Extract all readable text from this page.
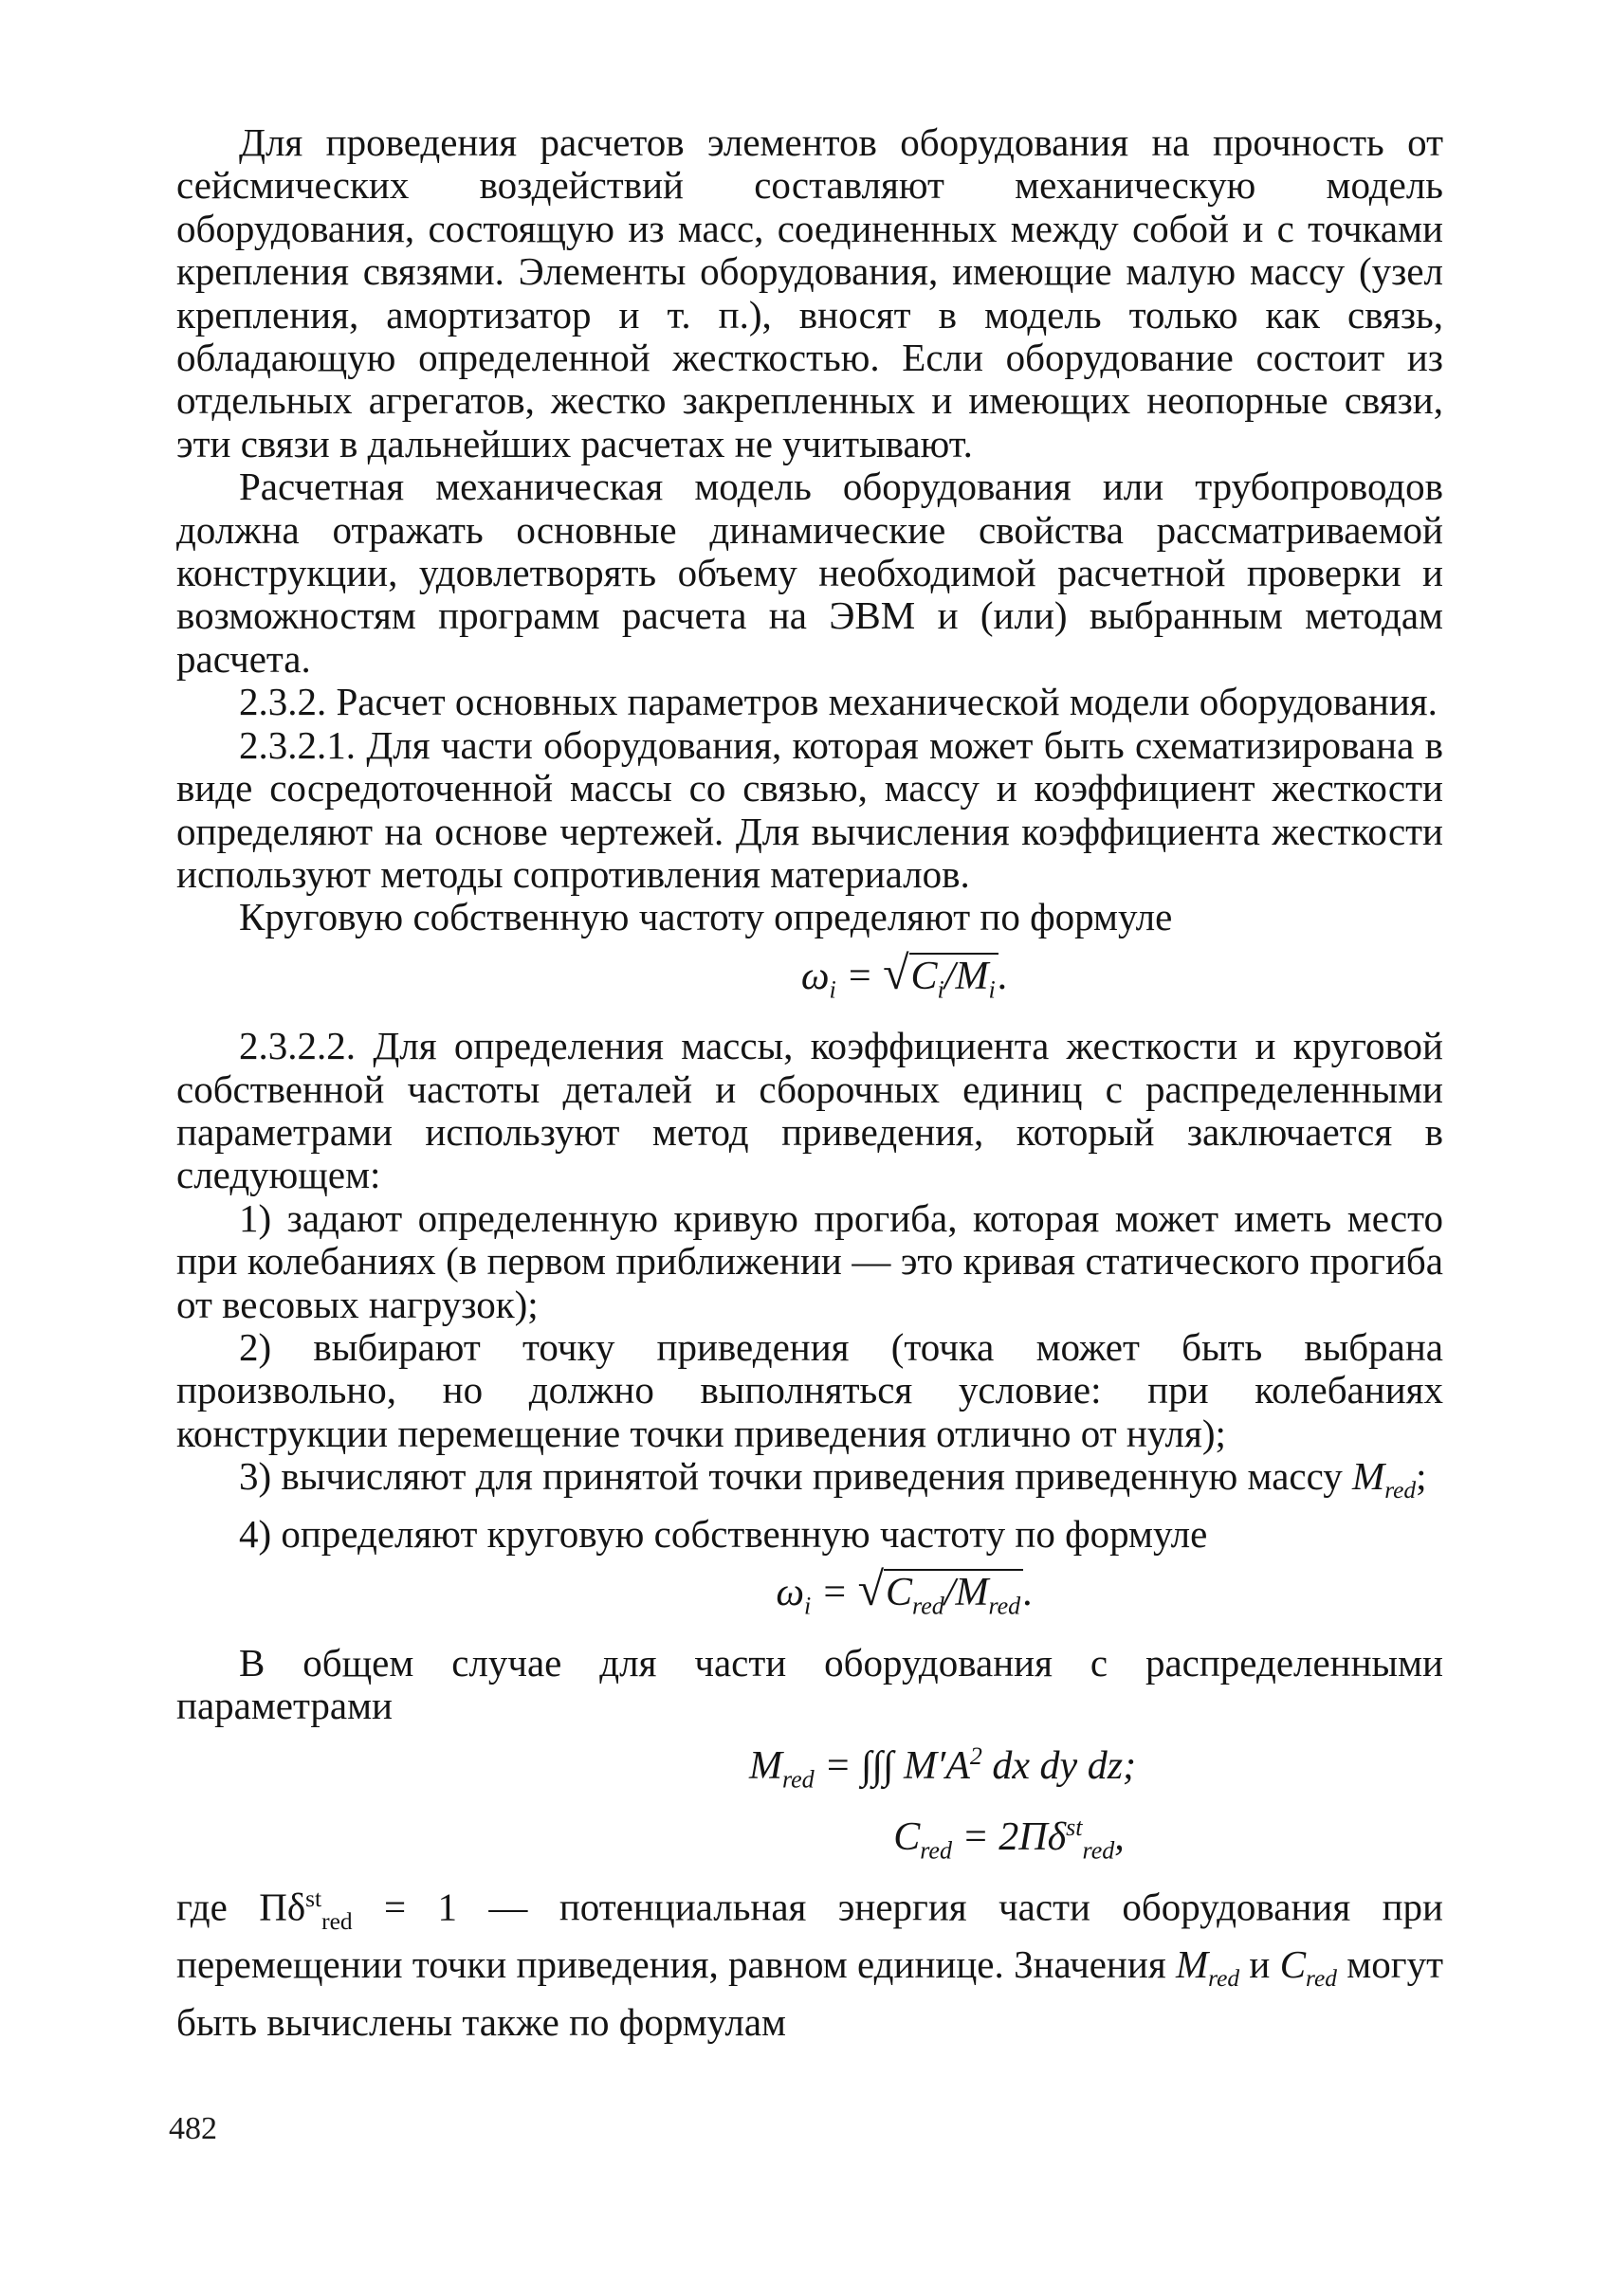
Для проведения расчетов элементов оборудования на прочность от сейсмических воздействий составляют механическую модель оборудования, состоящую из масс, соединенных между собой и с точками крепления связями. Элементы оборудования, имеющие малую массу (узел крепления, амортизатор и т. п.), вносят в модель только как связь, обладающую определенной жесткостью. Если оборудование состоит из отдельных агрегатов, жестко закрепленных и имеющих неопорные связи, эти связи в дальнейших расчетах не учитывают.

Расчетная механическая модель оборудования или трубопроводов должна отражать основные динамические свойства рассматриваемой конструкции, удовлетворять объему необходимой расчетной проверки и возможностям программ расчета на ЭВМ и (или) выбранным методам расчета.

2.3.2. Расчет основных параметров механической модели оборудования.

2.3.2.1. Для части оборудования, которая может быть схематизирована в виде сосредоточенной массы со связью, массу и коэффициент жесткости определяют на основе чертежей. Для вычисления коэффициента жесткости используют методы сопротивления материалов.

Круговую собственную частоту определяют по формуле

$\omega_i = √C_i/M_i$.

2.3.2.2. Для определения массы, коэффициента жесткости и круговой собственной частоты деталей и сборочных единиц с распределенными параметрами используют метод приведения, который заключается в следующем:

1) задают определенную кривую прогиба, которая может иметь место при колебаниях (в первом приближении — это кривая статического прогиба от весовых нагрузок);

2) выбирают точку приведения (точка может быть выбрана произвольно, но должно выполняться условие: при колебаниях конструкции перемещение точки приведения отлично от нуля);

3) вычисляют для принятой точки приведения приведенную массу $M_{red}$;

4) определяют круговую собственную частоту по формуле

$\omega_i = √C_{red}/M_{red}$.

В общем случае для части оборудования с распределенными параметрами

$M_{red}$ = ∫∫∫ $M'A^2$ dx dy dz;
$C_{red} = 2\Pi\delta^{st}_{red}$,

где $\Pi\delta^{st}_{red} = 1$ — потенциальная энергия части оборудования при перемещении точки приведения, равном единице. Значения $M_{red}$ и $C_{red}$ могут быть вычислены также по формулам

482
